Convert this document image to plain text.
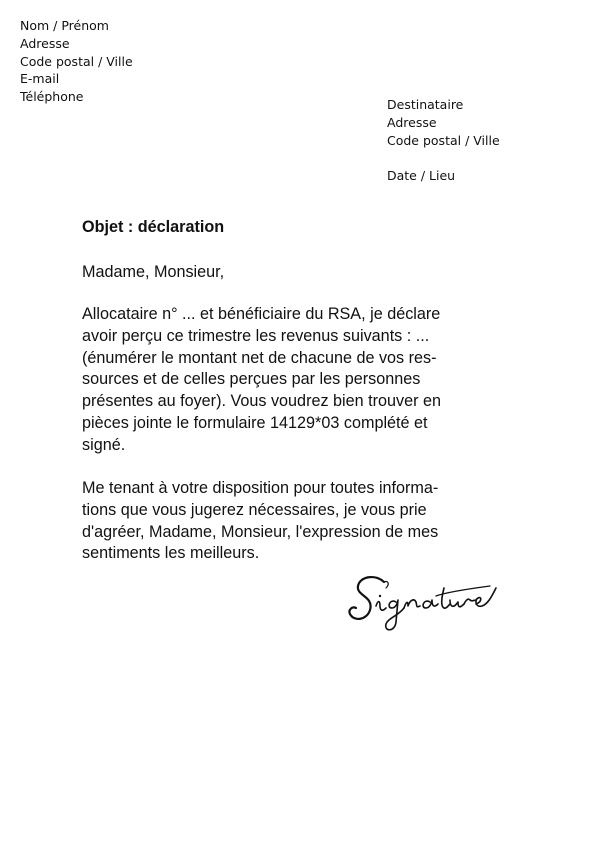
Nom / Prénom
Adresse
Code postal / Ville
E-mail
Téléphone
Destinataire
Adresse
Code postal / Ville
Date / Lieu
Objet : déclaration
Madame, Monsieur,
Allocataire n° ... et bénéficiaire du RSA, je déclare
avoir perçu ce trimestre les revenus suivants : ...
(énumérer le montant net de chacune de vos res-
sources et de celles perçues par les personnes
présentes au foyer). Vous voudrez bien trouver en
pièces jointe le formulaire 14129*03 complété et
signé.
Me tenant à votre disposition pour toutes informa-
tions que vous jugerez nécessaires, je vous prie
d'agréer, Madame, Monsieur, l'expression de mes
sentiments les meilleurs.
